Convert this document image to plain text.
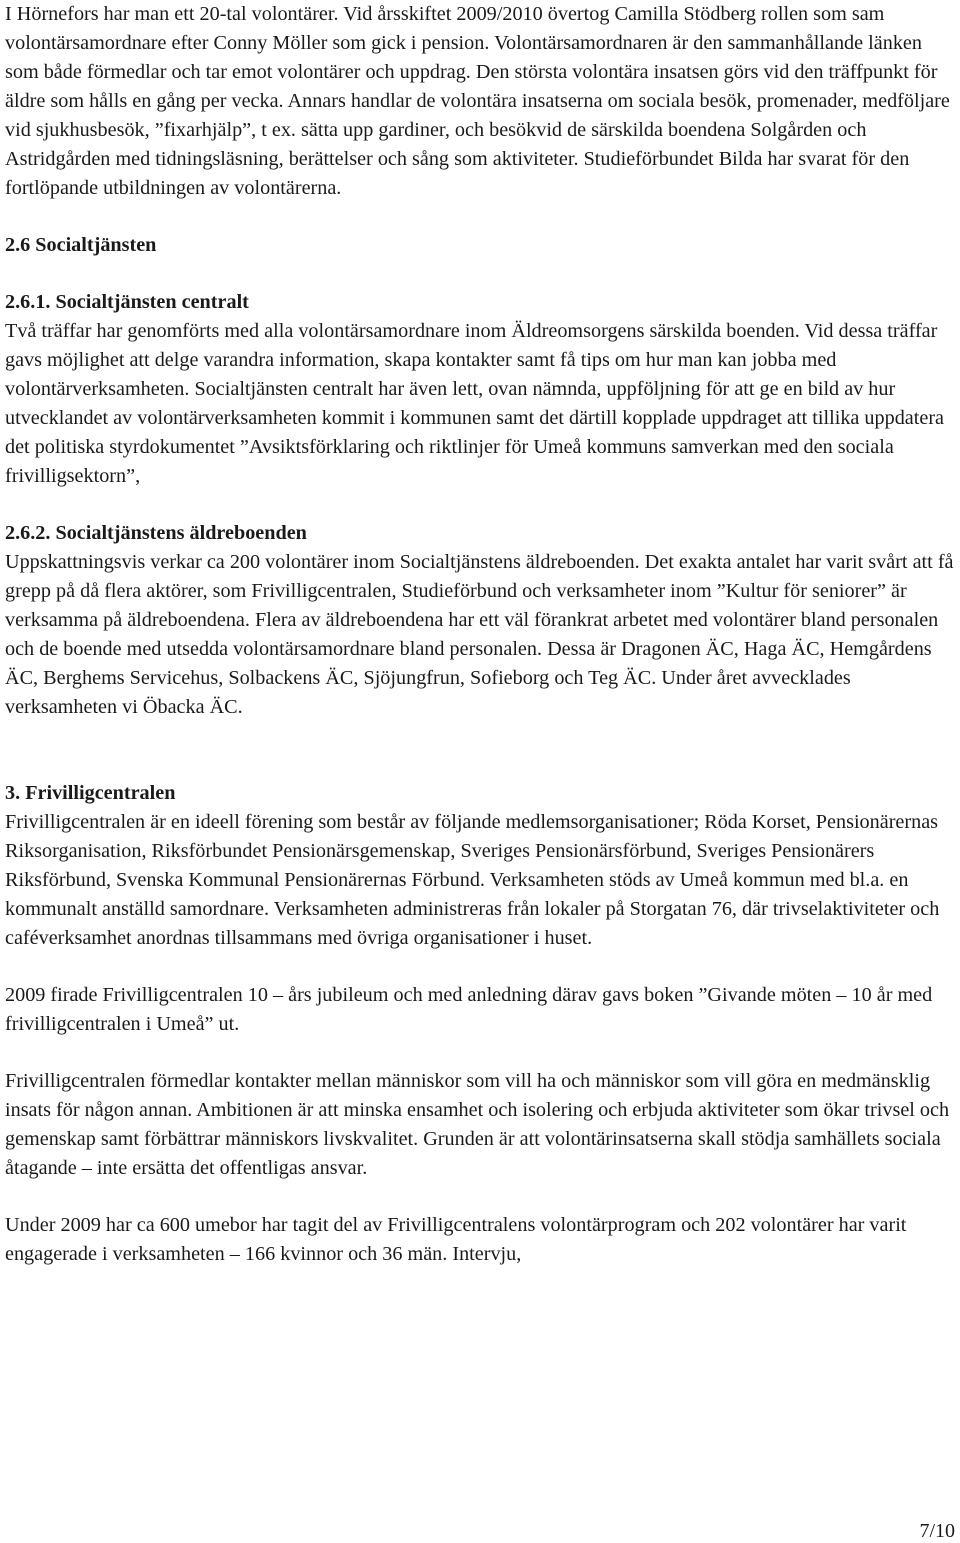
I Hörnefors har man ett 20-tal volontärer. Vid årsskiftet 2009/2010 övertog Camilla Stödberg rollen som sam volontärsamordnare efter Conny Möller som gick i pension. Volontärsamordnaren är den sammanhållande länken som både förmedlar och tar emot volontärer och uppdrag. Den största volontära insatsen görs vid den träffpunkt för äldre som hålls en gång per vecka. Annars handlar de volontära insatserna om sociala besök, promenader, medföljare vid sjukhusbesök, ”fixarhjälp”, t ex. sätta upp gardiner, och besökvid de särskilda boendena Solgården och Astridgården med tidningsläsning, berättelser och sång som aktiviteter. Studieförbundet Bilda har svarat för den fortlöpande utbildningen av volontärerna.

2.6 Socialtjänsten

2.6.1. Socialtjänsten centralt

Två träffar har genomförts med alla volontärsamordnare inom Äldreomsorgens särskilda boenden. Vid dessa träffar gavs möjlighet att delge varandra information, skapa kontakter samt få tips om hur man kan jobba med volontärverksamheten. Socialtjänsten centralt har även lett, ovan nämnda, uppföljning för att ge en bild av hur utvecklandet av volontärverksamheten kommit i kommunen samt det därtill kopplade uppdraget att tillika uppdatera det politiska styrdokumentet ”Avsiktsförklaring och riktlinjer för Umeå kommuns samverkan med den sociala frivilligsektorn”,

2.6.2. Socialtjänstens äldreboenden

Uppskattningsvis verkar ca 200 volontärer inom Socialtjänstens äldreboenden. Det exakta antalet har varit svårt att få grepp på då flera aktörer, som Frivilligcentralen, Studieförbund och verksamheter inom ”Kultur för seniorer” är verksamma på äldreboendena. Flera av äldreboendena har ett väl förankrat arbetet med volontärer bland personalen och de boende med utsedda volontärsamordnare bland personalen. Dessa är Dragonen ÄC, Haga ÄC, Hemgårdens ÄC, Berghems Servicehus, Solbackens ÄC, Sjöjungfrun, Sofieborg och Teg ÄC. Under året avvecklades verksamheten vi Öbacka ÄC.

3. Frivilligcentralen

Frivilligcentralen är en ideell förening som består av följande medlemsorganisationer; Röda Korset, Pensionärernas Riksorganisation, Riksförbundet Pensionärsgemenskap, Sveriges Pensionärsförbund, Sveriges Pensionärers Riksförbund, Svenska Kommunal Pensionärernas Förbund. Verksamheten stöds av Umeå kommun med bl.a. en kommunalt anställd samordnare. Verksamheten administreras från lokaler på Storgatan 76, där trivselaktiviteter och caféverksamhet anordnas tillsammans med övriga organisationer i huset.

2009 firade Frivilligcentralen 10 – års jubileum och med anledning därav gavs boken ”Givande möten – 10 år med frivilligcentralen i Umeå” ut.

Frivilligcentralen förmedlar kontakter mellan människor som vill ha och människor som vill göra en medmänsklig insats för någon annan. Ambitionen är att minska ensamhet och isolering och erbjuda aktiviteter som ökar trivsel och gemenskap samt förbättrar människors livskvalitet. Grunden är att volontärinsatserna skall stödja samhällets sociala åtagande – inte ersätta det offentligas ansvar.

Under 2009 har ca 600 umebor har tagit del av Frivilligcentralens volontärprogram och 202 volontärer har varit engagerade i verksamheten – 166 kvinnor och 36 män. Intervju,

7/10
